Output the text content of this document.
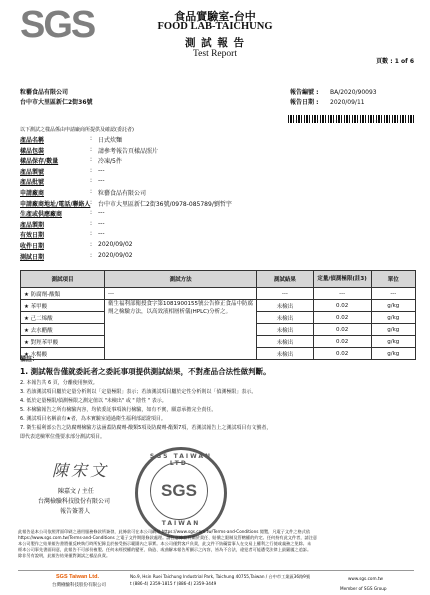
SGS	食品實驗室-台中
FOOD LAB-TAICHUNG
測 試 報 告
Test Report
頁數 : 1 of 6
粒藝食品有限公司
台中市大里區新仁2街36號
報告編號 : BA/2020/90093
報告日期 : 2020/09/11
以下測試之樣品係由申請廠商所提供及確認(委託者)
產品名稱	: 日式炊麵
樣品包裝	: 請參考報告頁樣品照片
樣品保存/數量	: 冷凍/5件
產品製號	: ---
產品批號	: ---
申請廠商	: 粒藝食品有限公司
申請廠商地址/電話/聯絡人 : 台中市大里區新仁2街36號/0978-085789/劉哲宇
生產或供應廠商	: ---
產品製期	: ---
有效日期	: ---
收件日期	: 2020/09/02
測試日期	: 2020/09/02
測試項目	測試方法	測試結果	定量/偵測極限(註3)	單位
★ 防腐劑-酸類	---	---	---	---
★ 苯甲酸	衛生福利部衛授食字第1081900155號公告修正食品中防腐劑之檢驗方法，以高效液相層析儀(HPLC)分析之。	未檢出	0.02	g/kg
★ 己二烯酸		未檢出	0.02	g/kg
★ 去水醋酸		未檢出	0.02	g/kg
★ 對羥苯甲酸		未檢出	0.02	g/kg
★ 水楊酸		未檢出	0.02	g/kg
備註：
1. 測試報告僅就委託者之委託事項提供測試結果，不對產品合法性做判斷。
2. 本報告共 6 頁，分離使用無效。
3. 若該測試項目屬於定量分析則以「定量極限」表示；若該測試項目屬於定性分析則以「偵測極限」表示。
4. 低於定量極限/偵測極限之測定值以 "未檢出" 或 " 陰性 " 表示。
5. 本檢驗報告之所有檢驗內容，均依委託事項執行檢驗，如有不實，願意承擔完全責任。
6. 測試項目名稱前有★者，為本實驗室通過衛生福利部認證項目。
7. 衛生福利部公告之防腐劑檢驗方法涵蓋防腐劑-酸類5項及防腐劑-酯類7項，若測試報告上之測試項目有文號者，
即代表送檢單位僅要求部分測試項目。
陳宋文
陳嘉文 / 主任
台灣檢驗科技股份有限公司
報告簽署人
SGS TAIWAN LTD.
SGS
TAIWAN
此報告是本公司依照背面印刷之通用服務條款所簽發，此條款可在本公司網站 https://www.sgs.com.tw/Terms-and-Conditions 閱覽，凡電子文件之格式依
https://www.sgs.com.tw/Terms-and-Conditions 之電子文件期限條款處理。請注意條款有關於責任、賠償之限制及管轄權的約定。任何持有此文件者，請注意
本公司製作之結果報告書將僅反映執行時所紀錄且於接受指示範圍內之事實。本公司僅對客戶負責，此文件不妨礙當事人在交易上權利之行使或義務之免除。未
經本公司事先書面同意，此報告不可部份複製。任何未經授權的變更、偽造、或曲解本報告所顯示之內容，皆為不合法，違犯者可能遭受法律上最嚴厲之追訴。
除非另有說明，此報告結果僅對測試之樣品負責。
SGS Taiwan Ltd.
台灣檢驗科技股份有限公司
No.9, Hsin Ruei Taichung Industrial Park, Taichung 40755,Taiwan / 台中市工業區36路9號
t (886-4) 2359-1815 f (886-4) 2359-3449
www.sgs.com.tw
Member of SGS Group
